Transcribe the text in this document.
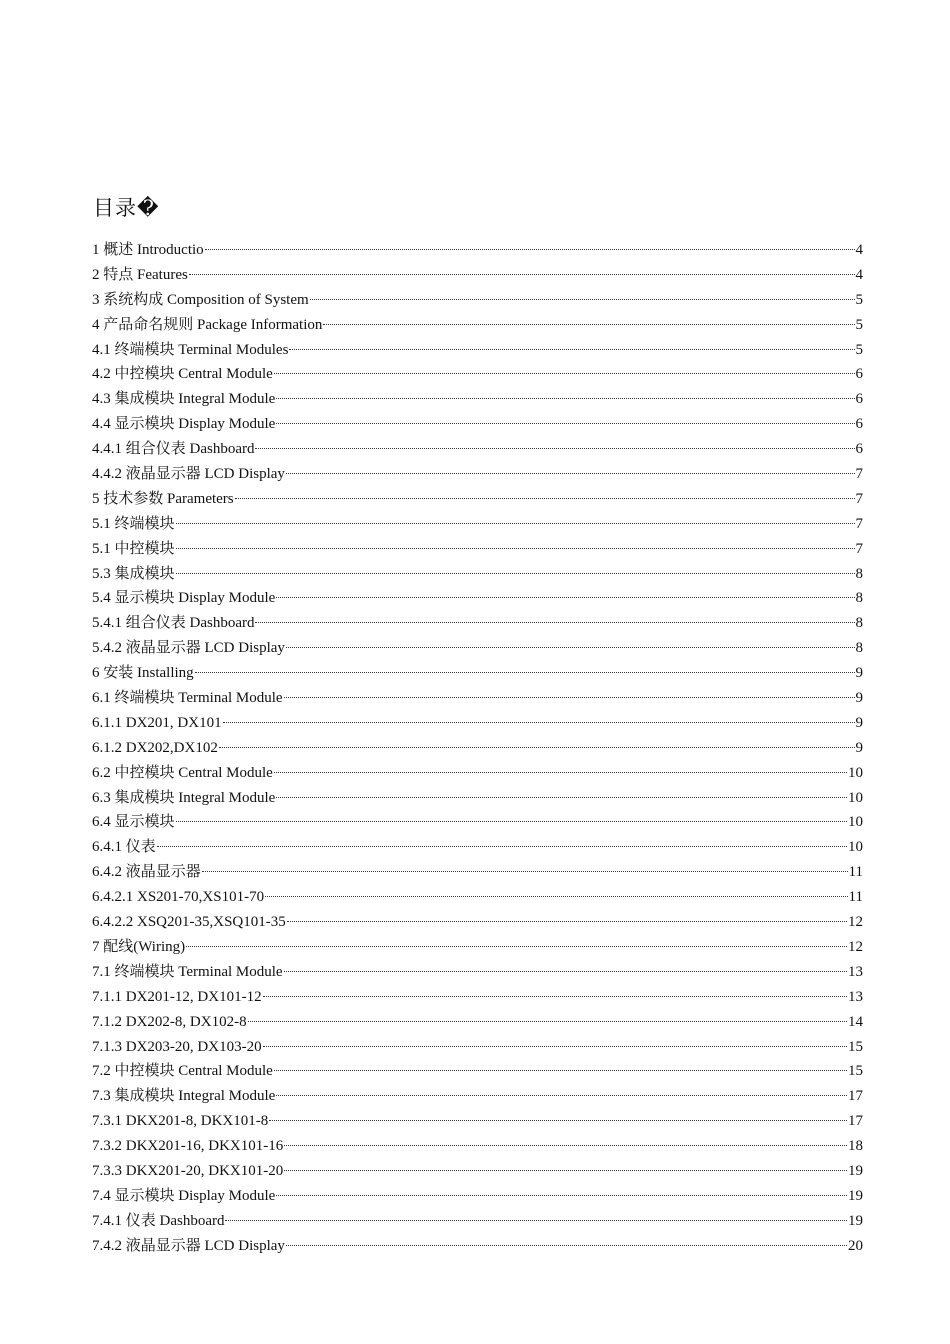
目录�
1 概述 Introductio	4
2 特点 Features	4
3 系统构成 Composition of System	5
4 产品命名规则 Package Information	5
4.1 终端模块 Terminal Modules	5
4.2 中控模块 Central Module	6
4.3 集成模块 Integral Module	6
4.4 显示模块 Display Module	6
4.4.1 组合仪表 Dashboard	6
4.4.2 液晶显示器 LCD Display	7
5 技术参数 Parameters	7
5.1 终端模块	7
5.1 中控模块	7
5.3 集成模块	8
5.4 显示模块 Display Module	8
5.4.1 组合仪表 Dashboard	8
5.4.2 液晶显示器 LCD Display	8
6 安装 Installing	9
6.1 终端模块 Terminal Module	9
6.1.1 DX201, DX101	9
6.1.2 DX202,DX102	9
6.2 中控模块 Central Module	10
6.3 集成模块 Integral Module	10
6.4 显示模块	10
6.4.1 仪表	10
6.4.2 液晶显示器	11
6.4.2.1 XS201-70,XS101-70	11
6.4.2.2 XSQ201-35,XSQ101-35	12
7 配线(Wiring)	12
7.1 终端模块 Terminal Module	13
7.1.1 DX201-12, DX101-12	13
7.1.2 DX202-8, DX102-8	14
7.1.3 DX203-20, DX103-20	15
7.2 中控模块 Central Module	15
7.3 集成模块 Integral Module	17
7.3.1 DKX201-8, DKX101-8	17
7.3.2 DKX201-16, DKX101-16	18
7.3.3 DKX201-20, DKX101-20	19
7.4 显示模块 Display Module	19
7.4.1 仪表 Dashboard	19
7.4.2 液晶显示器 LCD Display	20
